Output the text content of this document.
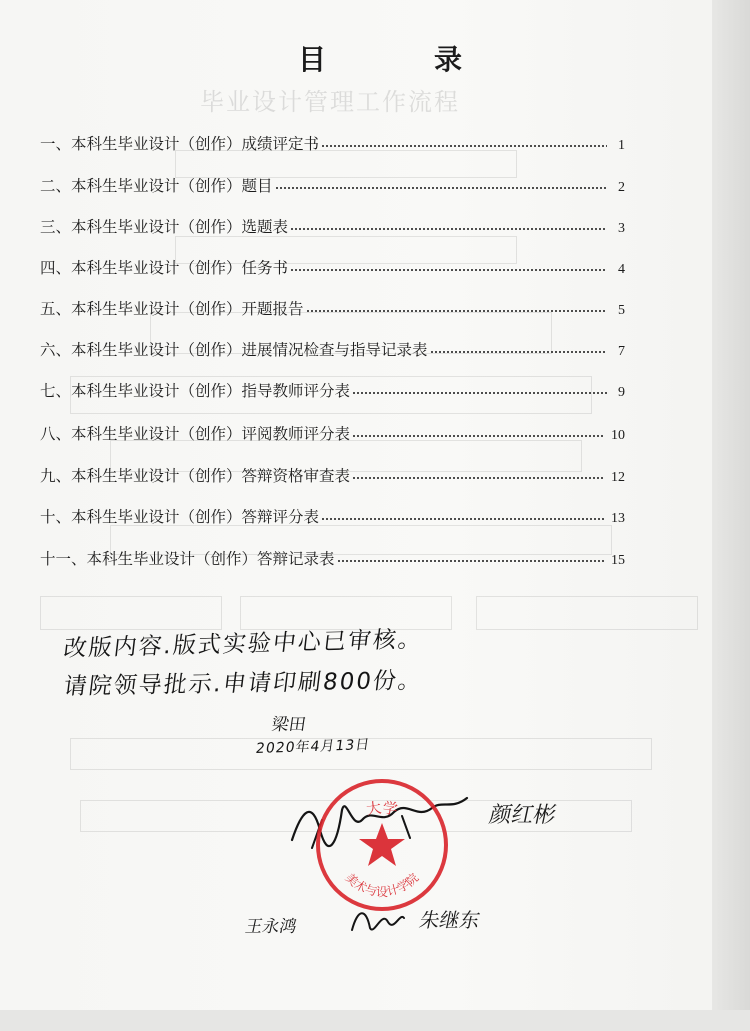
毕业设计管理工作流程
目　录
一、本科生毕业设计（创作）成绩评定书	1
二、本科生毕业设计（创作）题目	2
三、本科生毕业设计（创作）选题表	3
四、本科生毕业设计（创作）任务书	4
五、本科生毕业设计（创作）开题报告	5
六、本科生毕业设计（创作）进展情况检查与指导记录表	7
七、本科生毕业设计（创作）指导教师评分表	9
八、本科生毕业设计（创作）评阅教师评分表	10
九、本科生毕业设计（创作）答辩资格审查表	12
十、本科生毕业设计（创作）答辩评分表	13
十一、本科生毕业设计（创作）答辩记录表	15
改版内容.版式实验中心已审核。
请院领导批示.申请印刷800份。
梁田
2020年4月13日
颜红彬
王永鸿	朱继东
大学
美术与设计学院
